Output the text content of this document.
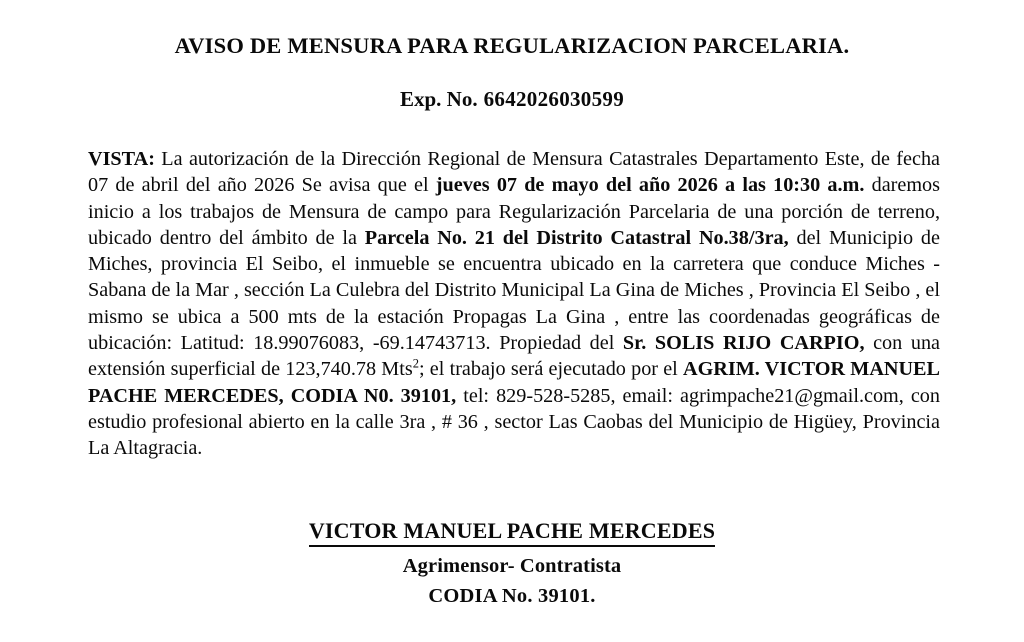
AVISO DE MENSURA PARA REGULARIZACION PARCELARIA.

Exp. No. 6642026030599

VISTA: La autorización de la Dirección Regional de Mensura Catastrales Departamento Este, de fecha 07 de abril del año 2026 Se avisa que el jueves 07 de mayo del año 2026 a las 10:30 a.m. daremos inicio a los trabajos de Mensura de campo para Regularización Parcelaria de una porción de terreno, ubicado dentro del ámbito de la Parcela No. 21 del Distrito Catastral No.38/3ra, del Municipio de Miches, provincia El Seibo, el inmueble se encuentra ubicado en la carretera que conduce Miches -Sabana de la Mar , sección La Culebra del Distrito Municipal La Gina de Miches , Provincia El Seibo , el mismo se ubica a 500 mts de la estación Propagas La Gina , entre las coordenadas geográficas de ubicación: Latitud: 18.99076083, -69.14743713. Propiedad del Sr. SOLIS RIJO CARPIO, con una extensión superficial de 123,740.78 Mts$^2$; el trabajo será ejecutado por el AGRIM. VICTOR MANUEL PACHE MERCEDES, CODIA N0. 39101, tel: 829-528-5285, email: agrimpache21@gmail.com, con estudio profesional abierto en la calle 3ra , # 36 , sector Las Caobas del Municipio de Higüey, Provincia La Altagracia.
VICTOR MANUEL PACHE MERCEDES
Agrimensor- Contratista
CODIA No. 39101.
